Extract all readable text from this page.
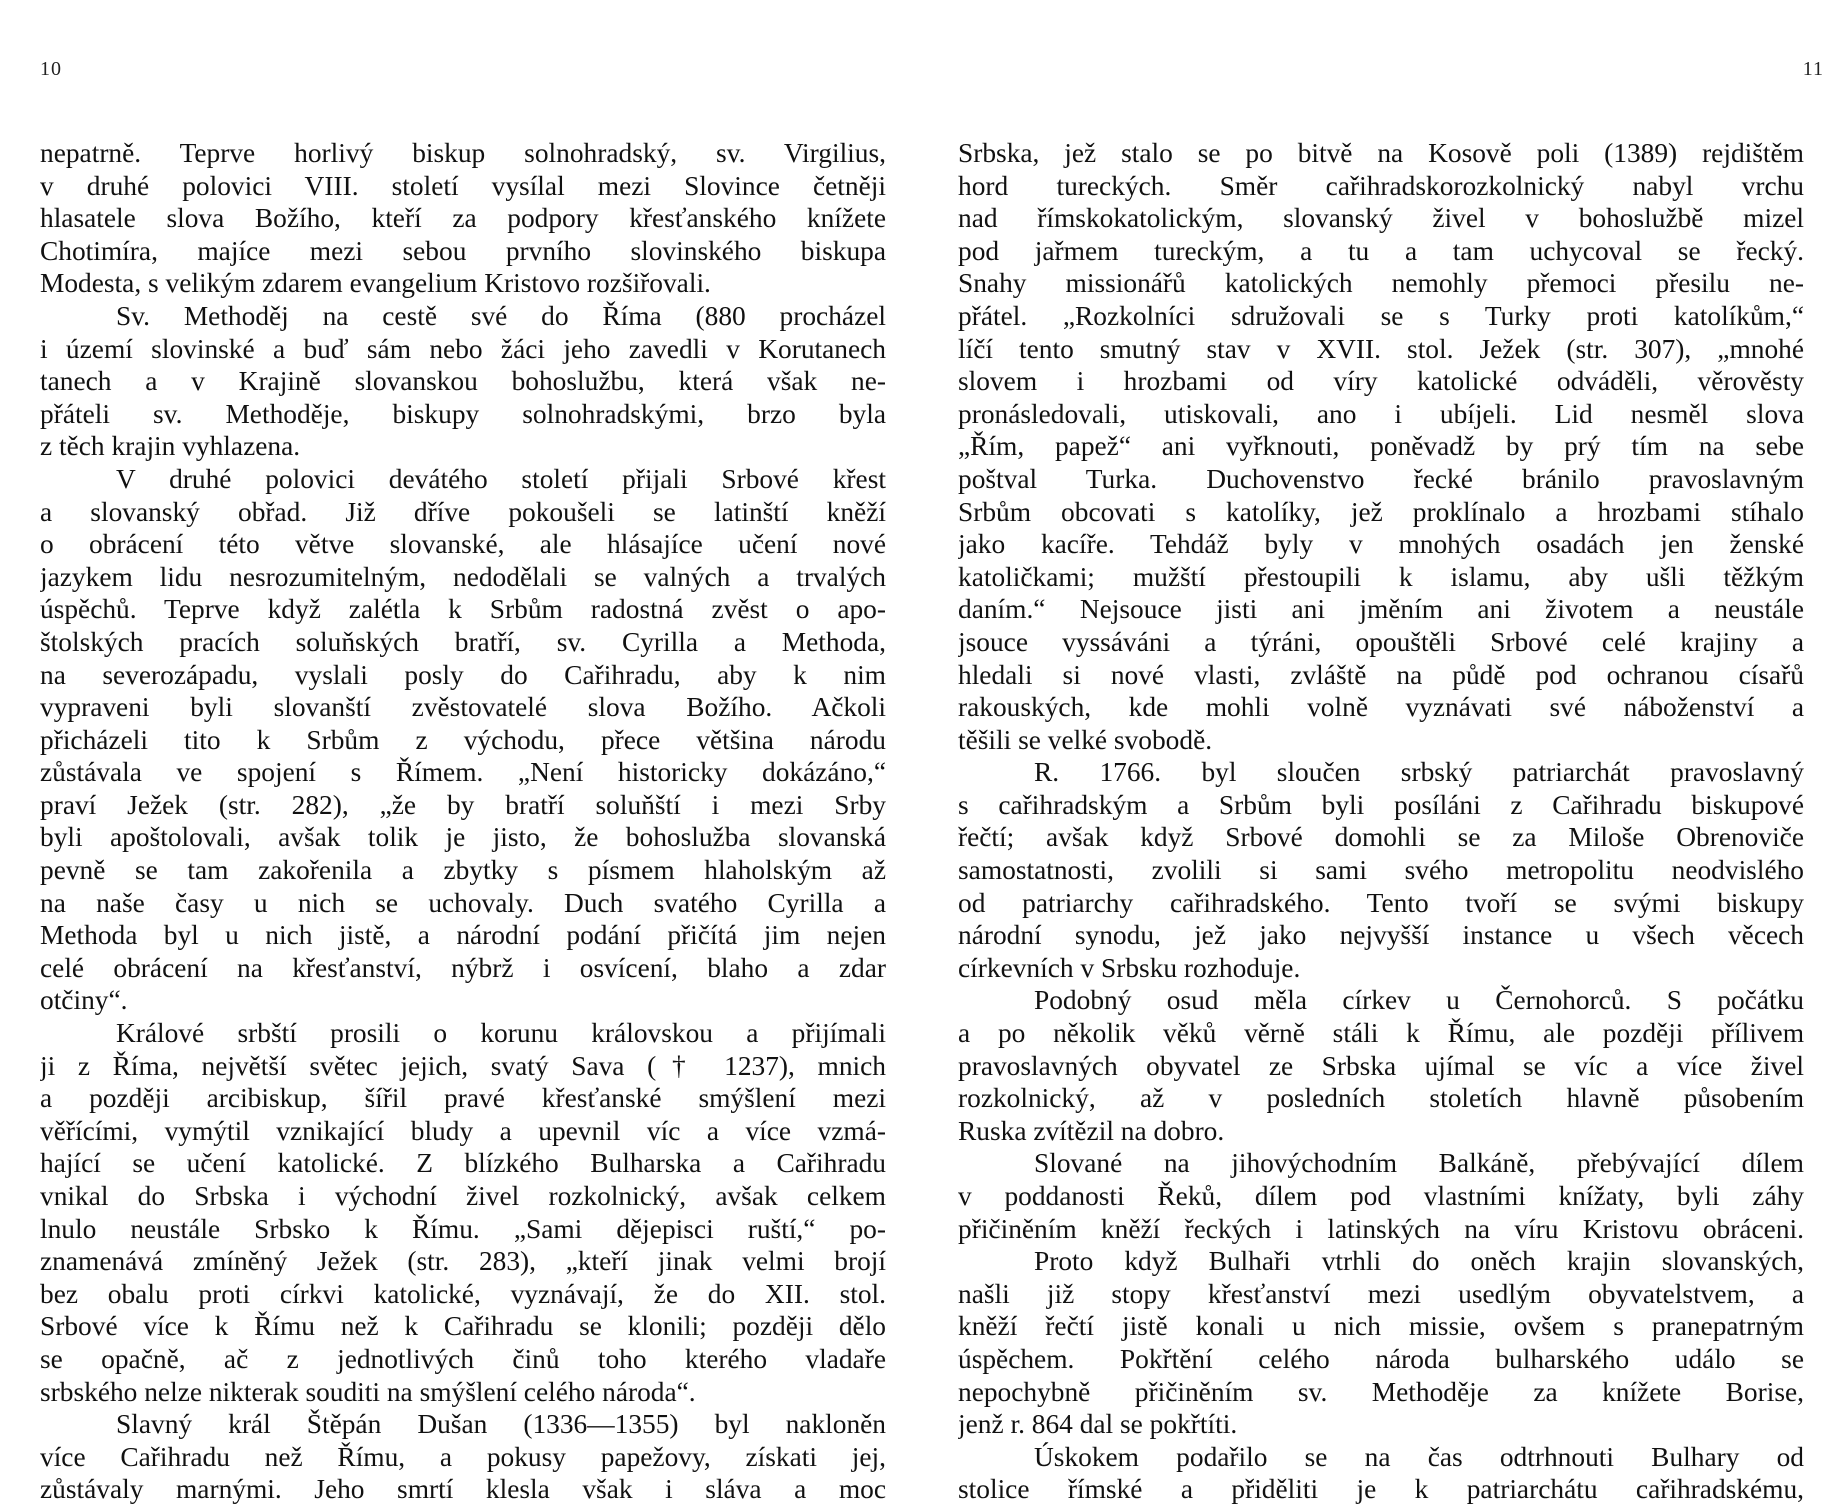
10
nepatrně. Teprve horlivý biskup solnohradský, sv. Virgilius,
v druhé polovici VIII. století vysílal mezi Slovince četněji
hlasatele slova Božího, kteří za podpory křesťanského knížete
Chotimíra, majíce mezi sebou prvního slovinského biskupa
Modesta, s velikým zdarem evangelium Kristovo rozšiřovali.
Sv. Methoděj na cestě své do Říma (880 procházel
i území slovinské a buď sám nebo žáci jeho zavedli v Korutanech
tanech a v Krajině slovanskou bohoslužbu, která však ne-
přáteli sv. Methoděje, biskupy solnohradskými, brzo byla
z těch krajin vyhlazena.
V druhé polovici devátého století přijali Srbové křest
a slovanský obřad. Již dříve pokoušeli se latinští kněží
o obrácení této větve slovanské, ale hlásajíce učení nové
jazykem lidu nesrozumitelným, nedodělali se valných a trvalých
úspěchů. Teprve když zalétla k Srbům radostná zvěst o apo-
štolských pracích soluňských bratří, sv. Cyrilla a Methoda,
na severozápadu, vyslali posly do Cařihradu, aby k nim
vypraveni byli slovanští zvěstovatelé slova Božího. Ačkoli
přicházeli tito k Srbům z východu, přece většina národu
zůstávala ve spojení s Římem. „Není historicky dokázáno,“
praví Ježek (str. 282), „že by bratří soluňští i mezi Srby
byli apoštolovali, avšak tolik je jisto, že bohoslužba slovanská
pevně se tam zakořenila a zbytky s písmem hlaholským až
na naše časy u nich se uchovaly. Duch svatého Cyrilla a
Methoda byl u nich jistě, a národní podání přičítá jim nejen
celé obrácení na křesťanství, nýbrž i osvícení, blaho a zdar
otčiny“.
Králové srbští prosili o korunu královskou a přijímali
ji z Říma, největší světec jejich, svatý Sava († 1237), mnich
a později arcibiskup, šířil pravé křesťanské smýšlení mezi
věřícími, vymýtil vznikající bludy a upevnil víc a více vzmá-
hající se učení katolické. Z blízkého Bulharska a Cařihradu
vnikal do Srbska i východní živel rozkolnický, avšak celkem
lnulo neustále Srbsko k Římu. „Sami dějepisci ruští,“ po-
znamenává zmíněný Ježek (str. 283), „kteří jinak velmi brojí
bez obalu proti církvi katolické, vyznávají, že do XII. stol.
Srbové více k Římu než k Cařihradu se klonili; později dělo
se opačně, ač z jednotlivých činů toho kterého vladaře
srbského nelze nikterak souditi na smýšlení celého národa“.
Slavný král Štěpán Dušan (1336—1355) byl nakloněn
více Cařihradu než Římu, a pokusy papežovy, získati jej,
zůstávaly marnými. Jeho smrtí klesla však i sláva a moc
11
Srbska, jež stalo se po bitvě na Kosově poli (1389) rejdištěm
hord tureckých. Směr cařihradskorozkolnický nabyl vrchu
nad římskokatolickým, slovanský živel v bohoslužbě mizel
pod jařmem tureckým, a tu a tam uchycoval se řecký.
Snahy missionářů katolických nemohly přemoci přesilu ne-
přátel. „Rozkolníci sdružovali se s Turky proti katolíkům,“
líčí tento smutný stav v XVII. stol. Ježek (str. 307), „mnohé
slovem i hrozbami od víry katolické odváděli, věrověsty
pronásledovali, utiskovali, ano i ubíjeli. Lid nesměl slova
„Řím, papež“ ani vyřknouti, poněvadž by prý tím na sebe
poštval Turka. Duchovenstvo řecké bránilo pravoslavným
Srbům obcovati s katolíky, jež proklínalo a hrozbami stíhalo
jako kacíře. Tehdáž byly v mnohých osadách jen ženské
katoličkami; mužští přestoupili k islamu, aby ušli těžkým
daním.“ Nejsouce jisti ani jměním ani životem a neustále
jsouce vyssáváni a týráni, opouštěli Srbové celé krajiny a
hledali si nové vlasti, zvláště na půdě pod ochranou císařů
rakouských, kde mohli volně vyznávati své náboženství a
těšili se velké svobodě.
R. 1766. byl sloučen srbský patriarchát pravoslavný
s cařihradským a Srbům byli posíláni z Cařihradu biskupové
řečtí; avšak když Srbové domohli se za Miloše Obrenoviče
samostatnosti, zvolili si sami svého metropolitu neodvislého
od patriarchy cařihradského. Tento tvoří se svými biskupy
národní synodu, jež jako nejvyšší instance u všech věcech
církevních v Srbsku rozhoduje.
Podobný osud měla církev u Černohorců. S počátku
a po několik věků věrně stáli k Římu, ale později přílivem
pravoslavných obyvatel ze Srbska ujímal se víc a více živel
rozkolnický, až v posledních stoletích hlavně působením
Ruska zvítězil na dobro.
Slované na jihovýchodním Balkáně, přebývající dílem
v poddanosti Řeků, dílem pod vlastními knížaty, byli záhy
přičiněním kněží řeckých i latinských na víru Kristovu obráceni.
Proto když Bulhaři vtrhli do oněch krajin slovanských,
našli již stopy křesťanství mezi usedlým obyvatelstvem, a
kněží řečtí jistě konali u nich missie, ovšem s pranepatrným
úspěchem. Pokřtění celého národa bulharského událo se
nepochybně přičiněním sv. Methoděje za knížete Borise,
jenž r. 864 dal se pokřtíti.
Úskokem podařilo se na čas odtrhnouti Bulhary od
stolice římské a přiděliti je k patriarchátu cařihradskému,
